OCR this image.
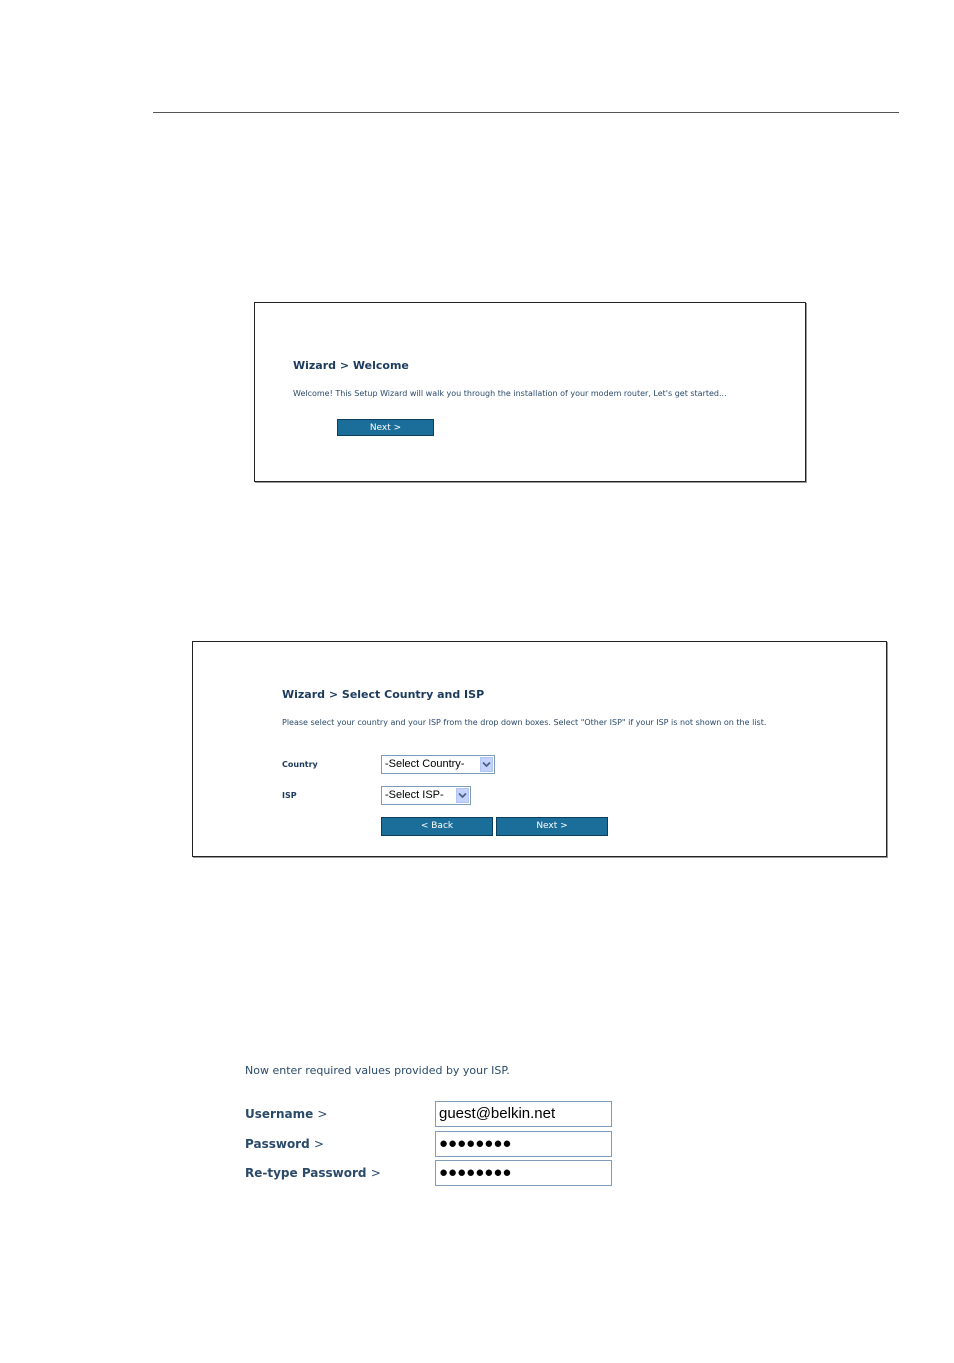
Wizard > Welcome
Welcome! This Setup Wizard will walk you through the installation of your modem router, Let's get started...
Next >
Wizard > Select Country and ISP
Please select your country and your ISP from the drop down boxes. Select "Other ISP" if your ISP is not shown on the list.
Country	-Select Country-
ISP	-Select ISP-
< Back	Next >
Now enter required values provided by your ISP.
Username >	guest@belkin.net
Password >	●●●●●●●●
Re-type Password >	●●●●●●●●
